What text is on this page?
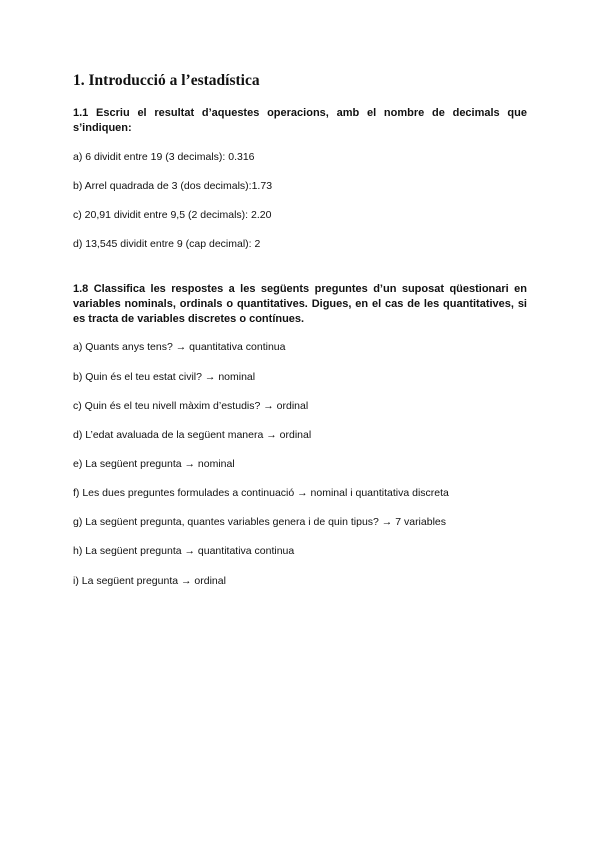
1. Introducció a l’estadística

1.1 Escriu el resultat d’aquestes operacions, amb el nombre de decimals que s’indiquen:

a) 6 dividit entre 19 (3 decimals): 0.316

b) Arrel quadrada de 3 (dos decimals):1.73

c) 20,91 dividit entre 9,5 (2 decimals): 2.20

d) 13,545 dividit entre 9 (cap decimal): 2

1.8 Classifica les respostes a les següents preguntes d’un suposat qüestionari en variables nominals, ordinals o quantitatives. Digues, en el cas de les quantitatives, si es tracta de variables discretes o contínues.

a) Quants anys tens? → quantitativa continua

b) Quin és el teu estat civil? → nominal

c) Quin és el teu nivell màxim d’estudis? → ordinal

d) L’edat avaluada de la següent manera → ordinal

e) La següent pregunta → nominal

f) Les dues preguntes formulades a continuació → nominal i quantitativa discreta

g) La següent pregunta, quantes variables genera i de quin tipus? → 7 variables

h) La següent pregunta → quantitativa continua

i) La següent pregunta → ordinal
